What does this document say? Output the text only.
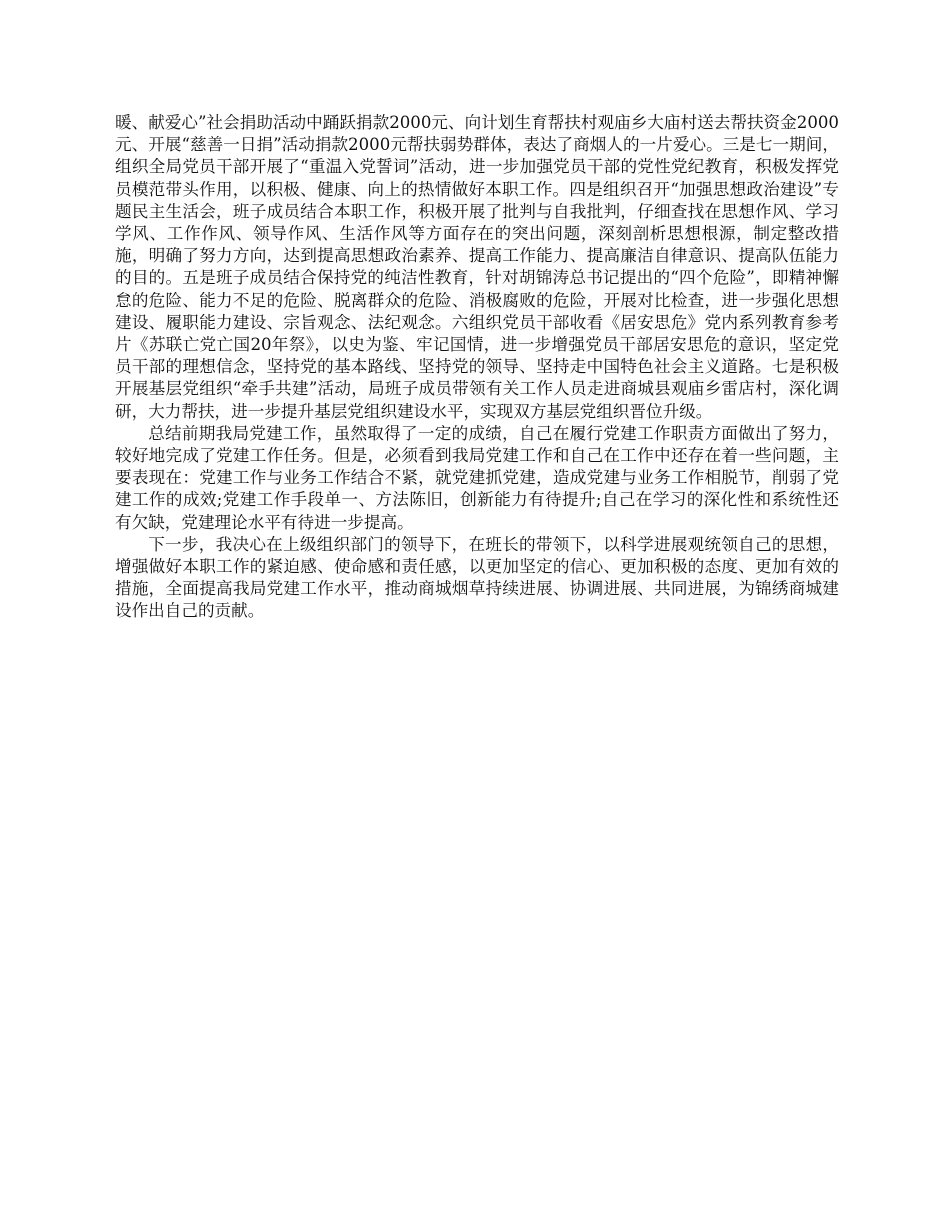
暖、献爱心”社会捐助活动中踊跃捐款2000元、向计划生育帮扶村观庙乡大庙村送去帮扶资金2000元、开展“慈善一日捐”活动捐款2000元帮扶弱势群体，表达了商烟人的一片爱心。三是七一期间，组织全局党员干部开展了“重温入党誓词”活动，进一步加强党员干部的党性党纪教育，积极发挥党员模范带头作用，以积极、健康、向上的热情做好本职工作。四是组织召开“加强思想政治建设”专题民主生活会，班子成员结合本职工作，积极开展了批判与自我批判，仔细查找在思想作风、学习学风、工作作风、领导作风、生活作风等方面存在的突出问题，深刻剖析思想根源，制定整改措施，明确了努力方向，达到提高思想政治素养、提高工作能力、提高廉洁自律意识、提高队伍能力的目的。五是班子成员结合保持党的纯洁性教育，针对胡锦涛总书记提出的“四个危险”，即精神懈怠的危险、能力不足的危险、脱离群众的危险、消极腐败的危险，开展对比检查，进一步强化思想建设、履职能力建设、宗旨观念、法纪观念。六组织党员干部收看《居安思危》党内系列教育参考片《苏联亡党亡国20年祭》，以史为鉴、牢记国情，进一步增强党员干部居安思危的意识，坚定党员干部的理想信念，坚持党的基本路线、坚持党的领导、坚持走中国特色社会主义道路。七是积极开展基层党组织“牵手共建”活动，局班子成员带领有关工作人员走进商城县观庙乡雷店村，深化调研，大力帮扶，进一步提升基层党组织建设水平，实现双方基层党组织晋位升级。

总结前期我局党建工作，虽然取得了一定的成绩，自己在履行党建工作职责方面做出了努力，较好地完成了党建工作任务。但是，必须看到我局党建工作和自己在工作中还存在着一些问题，主要表现在：党建工作与业务工作结合不紧，就党建抓党建，造成党建与业务工作相脱节，削弱了党建工作的成效;党建工作手段单一、方法陈旧，创新能力有待提升;自己在学习的深化性和系统性还有欠缺，党建理论水平有待进一步提高。

下一步，我决心在上级组织部门的领导下，在班长的带领下，以科学进展观统领自己的思想，增强做好本职工作的紧迫感、使命感和责任感，以更加坚定的信心、更加积极的态度、更加有效的措施，全面提高我局党建工作水平，推动商城烟草持续进展、协调进展、共同进展，为锦绣商城建设作出自己的贡献。
